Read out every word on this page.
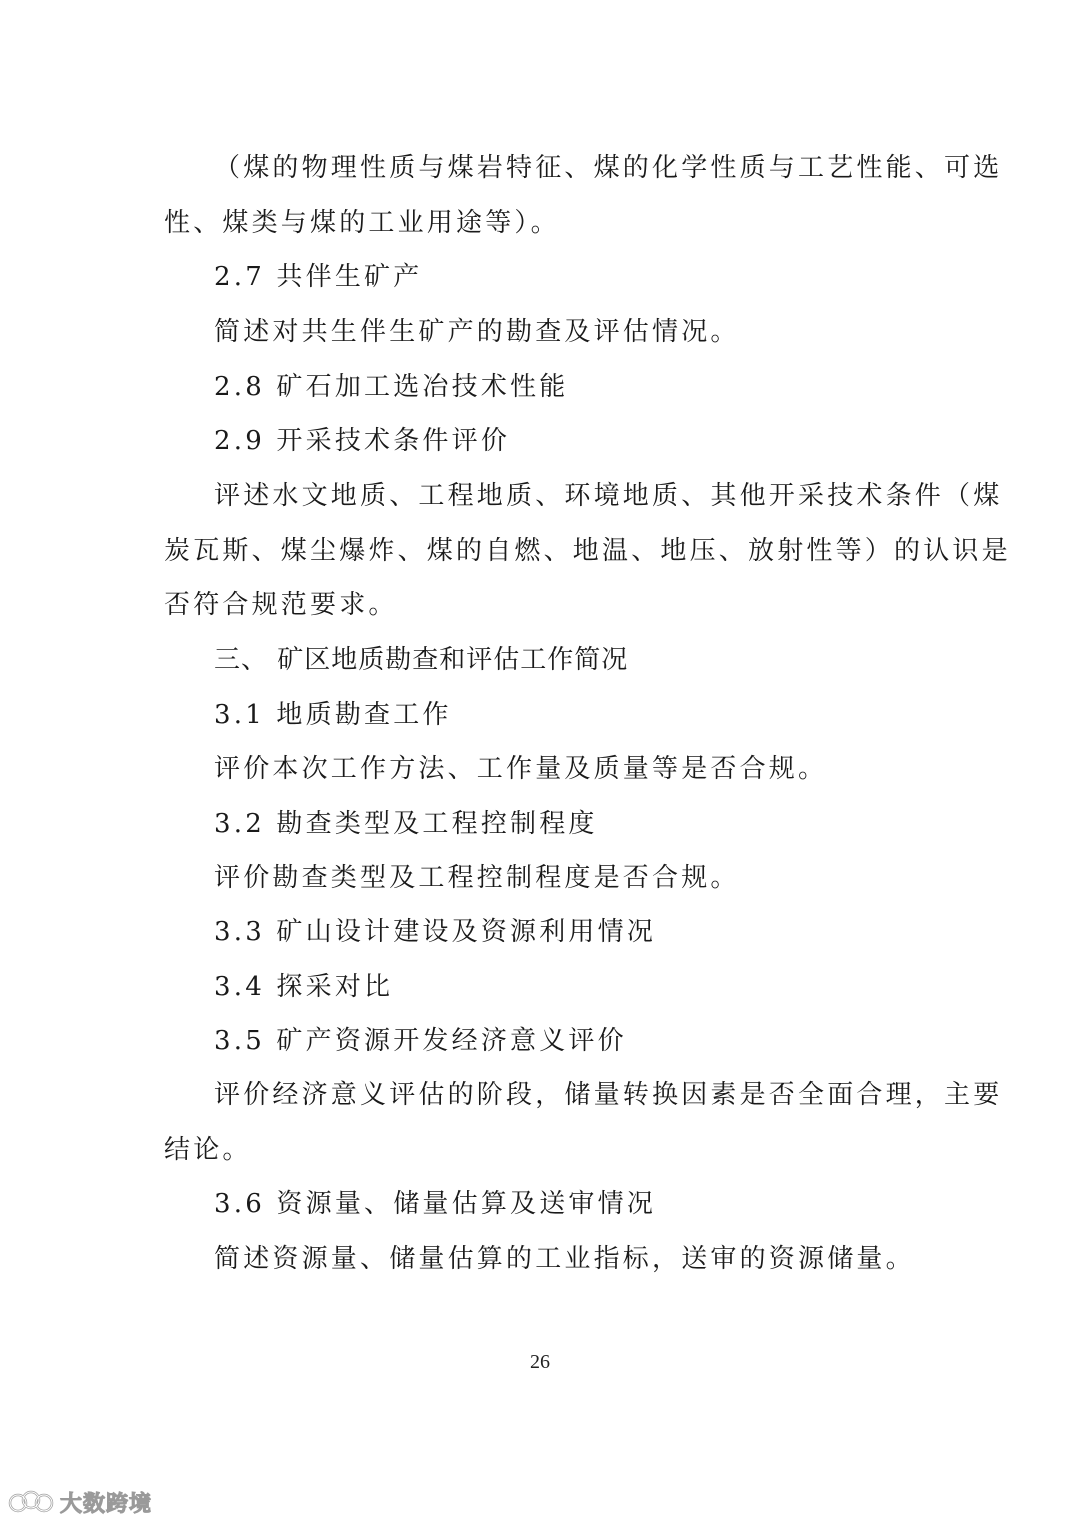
（煤的物理性质与煤岩特征、煤的化学性质与工艺性能、可选
性、煤类与煤的工业用途等）。
2.7 共伴生矿产
简述对共生伴生矿产的勘查及评估情况。
2.8 矿石加工选冶技术性能
2.9 开采技术条件评价
评述水文地质、工程地质、环境地质、其他开采技术条件（煤
炭瓦斯、煤尘爆炸、煤的自燃、地温、地压、放射性等）的认识是
否符合规范要求。
三、 矿区地质勘查和评估工作简况
3.1 地质勘查工作
评价本次工作方法、工作量及质量等是否合规。
3.2 勘查类型及工程控制程度
评价勘查类型及工程控制程度是否合规。
3.3 矿山设计建设及资源利用情况
3.4 探采对比
3.5 矿产资源开发经济意义评价
评价经济意义评估的阶段，储量转换因素是否全面合理，主要
结论。
3.6 资源量、储量估算及送审情况
简述资源量、储量估算的工业指标，送审的资源储量。
26
大数跨境
